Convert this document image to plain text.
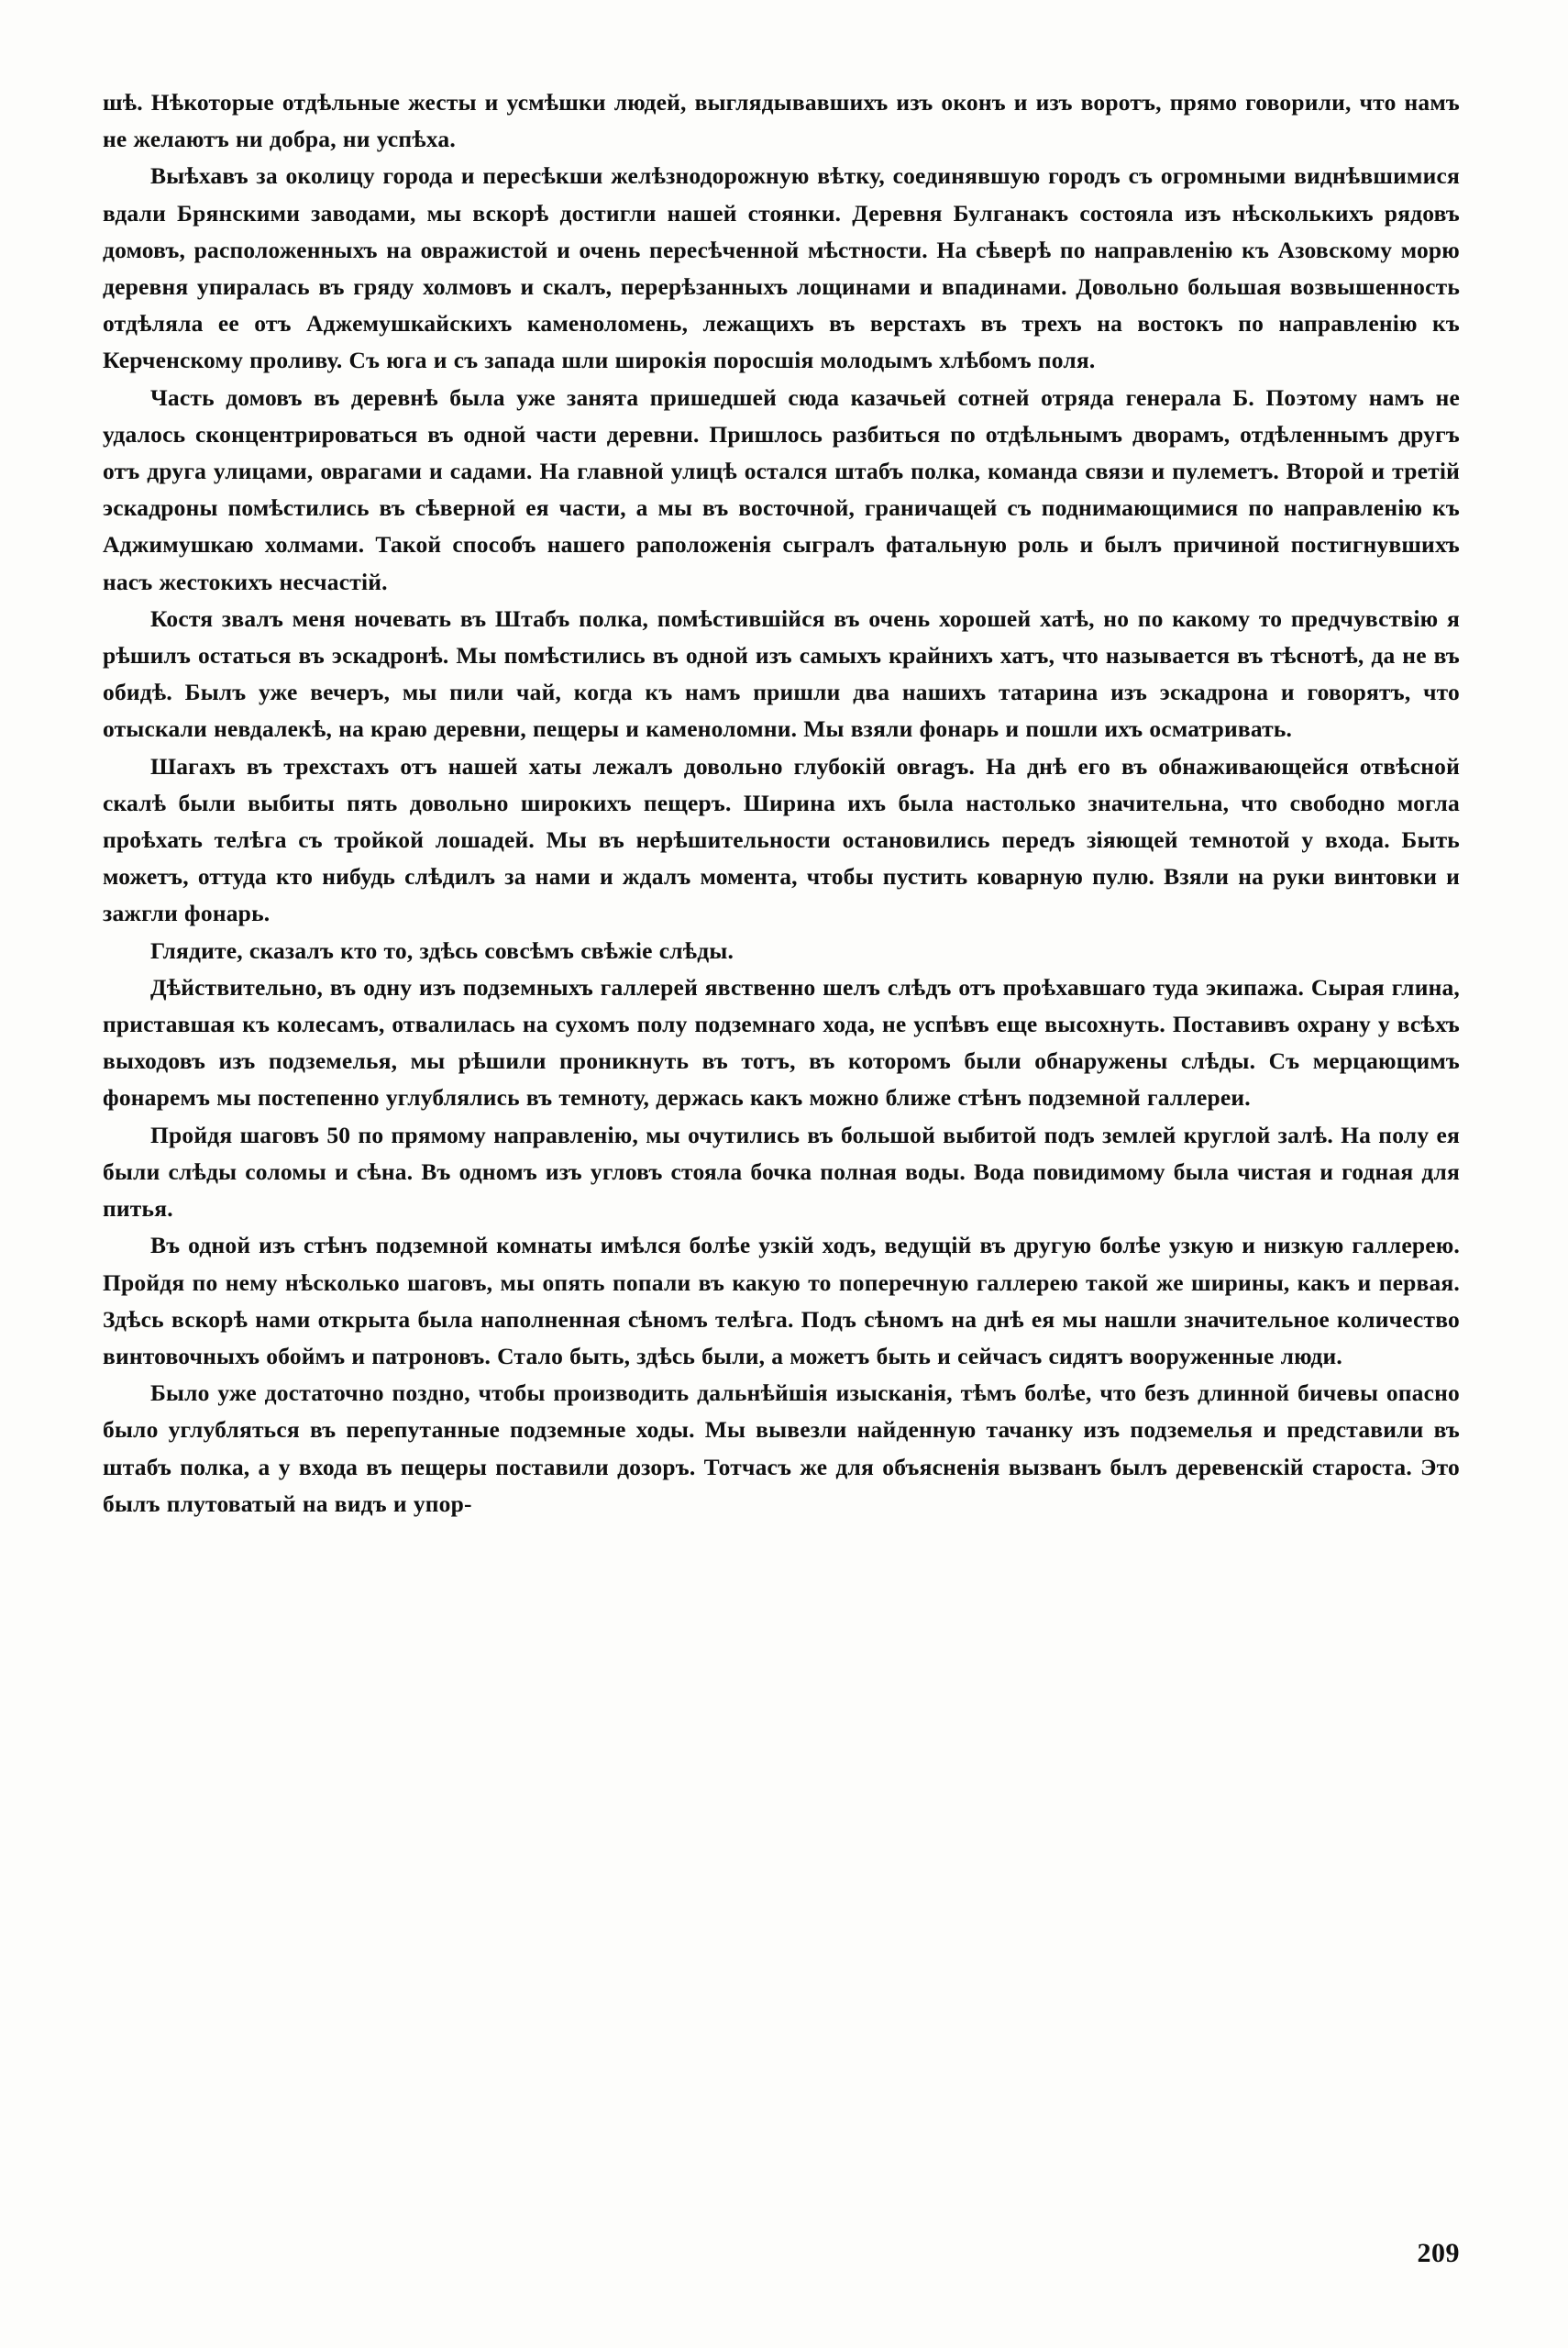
шѣ. Нѣкоторые отдѣльные жесты и усмѣшки людей, выглядывавшихъ изъ оконъ и изъ воротъ, прямо говорили, что намъ не желаютъ ни добра, ни успѣха.

Выѣхавъ за околицу города и пересѣкши желѣзнодорожную вѣтку, соединявшую городъ съ огромными виднѣвшимися вдали Брянскими заводами, мы вскорѣ достигли нашей стоянки. Деревня Булганакъ состояла изъ нѣсколькихъ рядовъ домовъ, расположенныхъ на овражистой и очень пересѣченной мѣстности. На сѣверѣ по направленію къ Азовскому морю деревня упиралась въ гряду холмовъ и скалъ, перерѣзанныхъ лощинами и впадинами. Довольно большая возвышенность отдѣляла ее отъ Аджемушкайскихъ каменоломень, лежащихъ въ верстахъ въ трехъ на востокъ по направленію къ Керченскому проливу. Съ юга и съ запада шли широкія поросшія молодымъ хлѣбомъ поля.

Часть домовъ въ деревнѣ была уже занята пришедшей сюда казачьей сотней отряда генерала Б. Поэтому намъ не удалось сконцентрироваться въ одной части деревни. Пришлось разбиться по отдѣльнымъ дворамъ, отдѣленнымъ другъ отъ друга улицами, оврагами и садами. На главной улицѣ остался штабъ полка, команда связи и пулеметъ. Второй и третій эскадроны помѣстились въ сѣверной ея части, а мы въ восточной, граничащей съ поднимающимися по направленію къ Аджимушкаю холмами. Такой способъ нашего раположенія сыгралъ фатальную роль и былъ причиной постигнувшихъ насъ жестокихъ несчастій.

Костя звалъ меня ночевать въ Штабъ полка, помѣстившійся въ очень хорошей хатѣ, но по какому то предчувствію я рѣшилъ остаться въ эскадронѣ. Мы помѣстились въ одной изъ самыхъ крайнихъ хатъ, что называется въ тѣснотѣ, да не въ обидѣ. Былъ уже вечеръ, мы пили чай, когда къ намъ пришли два нашихъ татарина изъ эскадрона и говорятъ, что отыскали невдалекѣ, на краю деревни, пещеры и каменоломни. Мы взяли фонарь и пошли ихъ осматривать.

Шагахъ въ трехстахъ отъ нашей хаты лежалъ довольно глубокій овragъ. На днѣ его въ обнаживающейся отвѣсной скалѣ были выбиты пять довольно широкихъ пещеръ. Ширина ихъ была настолько значительна, что свободно могла проѣхать телѣга съ тройкой лошадей. Мы въ нерѣшительности остановились передъ зіяющей темнотой у входа. Быть можетъ, оттуда кто нибудь слѣдилъ за нами и ждалъ момента, чтобы пустить коварную пулю. Взяли на руки винтовки и зажгли фонарь.

Глядите, сказалъ кто то, здѣсь совсѣмъ свѣжіе слѣды.

Дѣйствительно, въ одну изъ подземныхъ галлерей явственно шелъ слѣдъ отъ проѣхавшаго туда экипажа. Сырая глина, приставшая къ колесамъ, отвалилась на сухомъ полу подземнаго хода, не успѣвъ еще высохнуть. Поставивъ охрану у всѣхъ выходовъ изъ подземелья, мы рѣшили проникнуть въ тотъ, въ которомъ были обнаружены слѣды. Съ мерцающимъ фонаремъ мы постепенно углублялись въ темноту, держась какъ можно ближе стѣнъ подземной галлереи.

Пройдя шаговъ 50 по прямому направленію, мы очутились въ большой выбитой подъ землей круглой залѣ. На полу ея были слѣды соломы и сѣна. Въ одномъ изъ угловъ стояла бочка полная воды. Вода повидимому была чистая и годная для питья.

Въ одной изъ стѣнъ подземной комнаты имѣлся болѣе узкій ходъ, ведущій въ другую болѣе узкую и низкую галлерею. Пройдя по нему нѣсколько шаговъ, мы опять попали въ какую то поперечную галлерею такой же ширины, какъ и первая. Здѣсь вскорѣ нами открыта была наполненная сѣномъ телѣга. Подъ сѣномъ на днѣ ея мы нашли значительное количество винтовочныхъ обоймъ и патроновъ. Стало быть, здѣсь были, а можетъ быть и сейчасъ сидятъ вооруженные люди.

Было уже достаточно поздно, чтобы производить дальнѣйшія изысканія, тѣмъ болѣе, что безъ длинной бичевы опасно было углубляться въ перепутанные подземные ходы. Мы вывезли найденную тачанку изъ подземелья и представили въ штабъ полка, а у входа въ пещеры поставили дозоръ. Тотчасъ же для объясненія вызванъ былъ деревенскій староста. Это былъ плутоватый на видъ и упор-

209
